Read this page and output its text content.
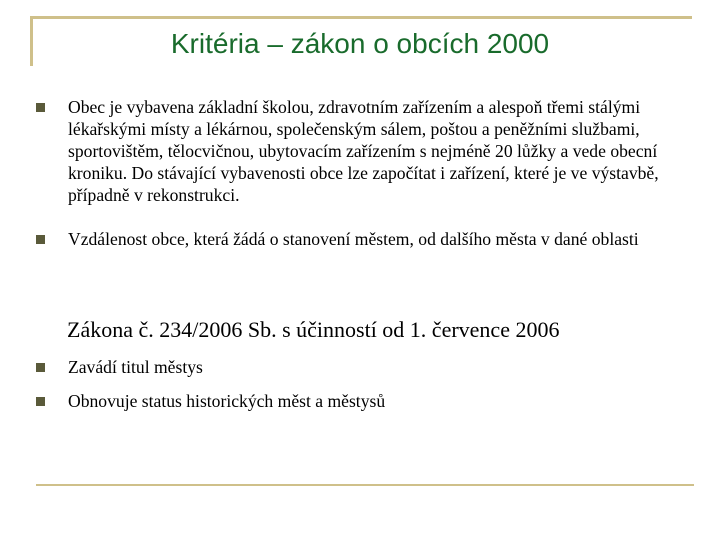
Kritéria – zákon o obcích 2000
Obec je vybavena základní školou, zdravotním zařízením a alespoň třemi stálými lékařskými místy a lékárnou, společenským sálem, poštou a peněžními službami, sportovištěm, tělocvičnou, ubytovacím zařízením s nejméně 20 lůžky a vede obecní kroniku. Do stávající vybavenosti obce lze započítat i zařízení, které je ve výstavbě, případně v rekonstrukci.
Vzdálenost obce, která žádá o stanovení městem, od dalšího města v dané oblasti
Zákona č. 234/2006 Sb. s účinností od 1. července 2006
Zavádí titul městys
Obnovuje status historických měst a městysů
